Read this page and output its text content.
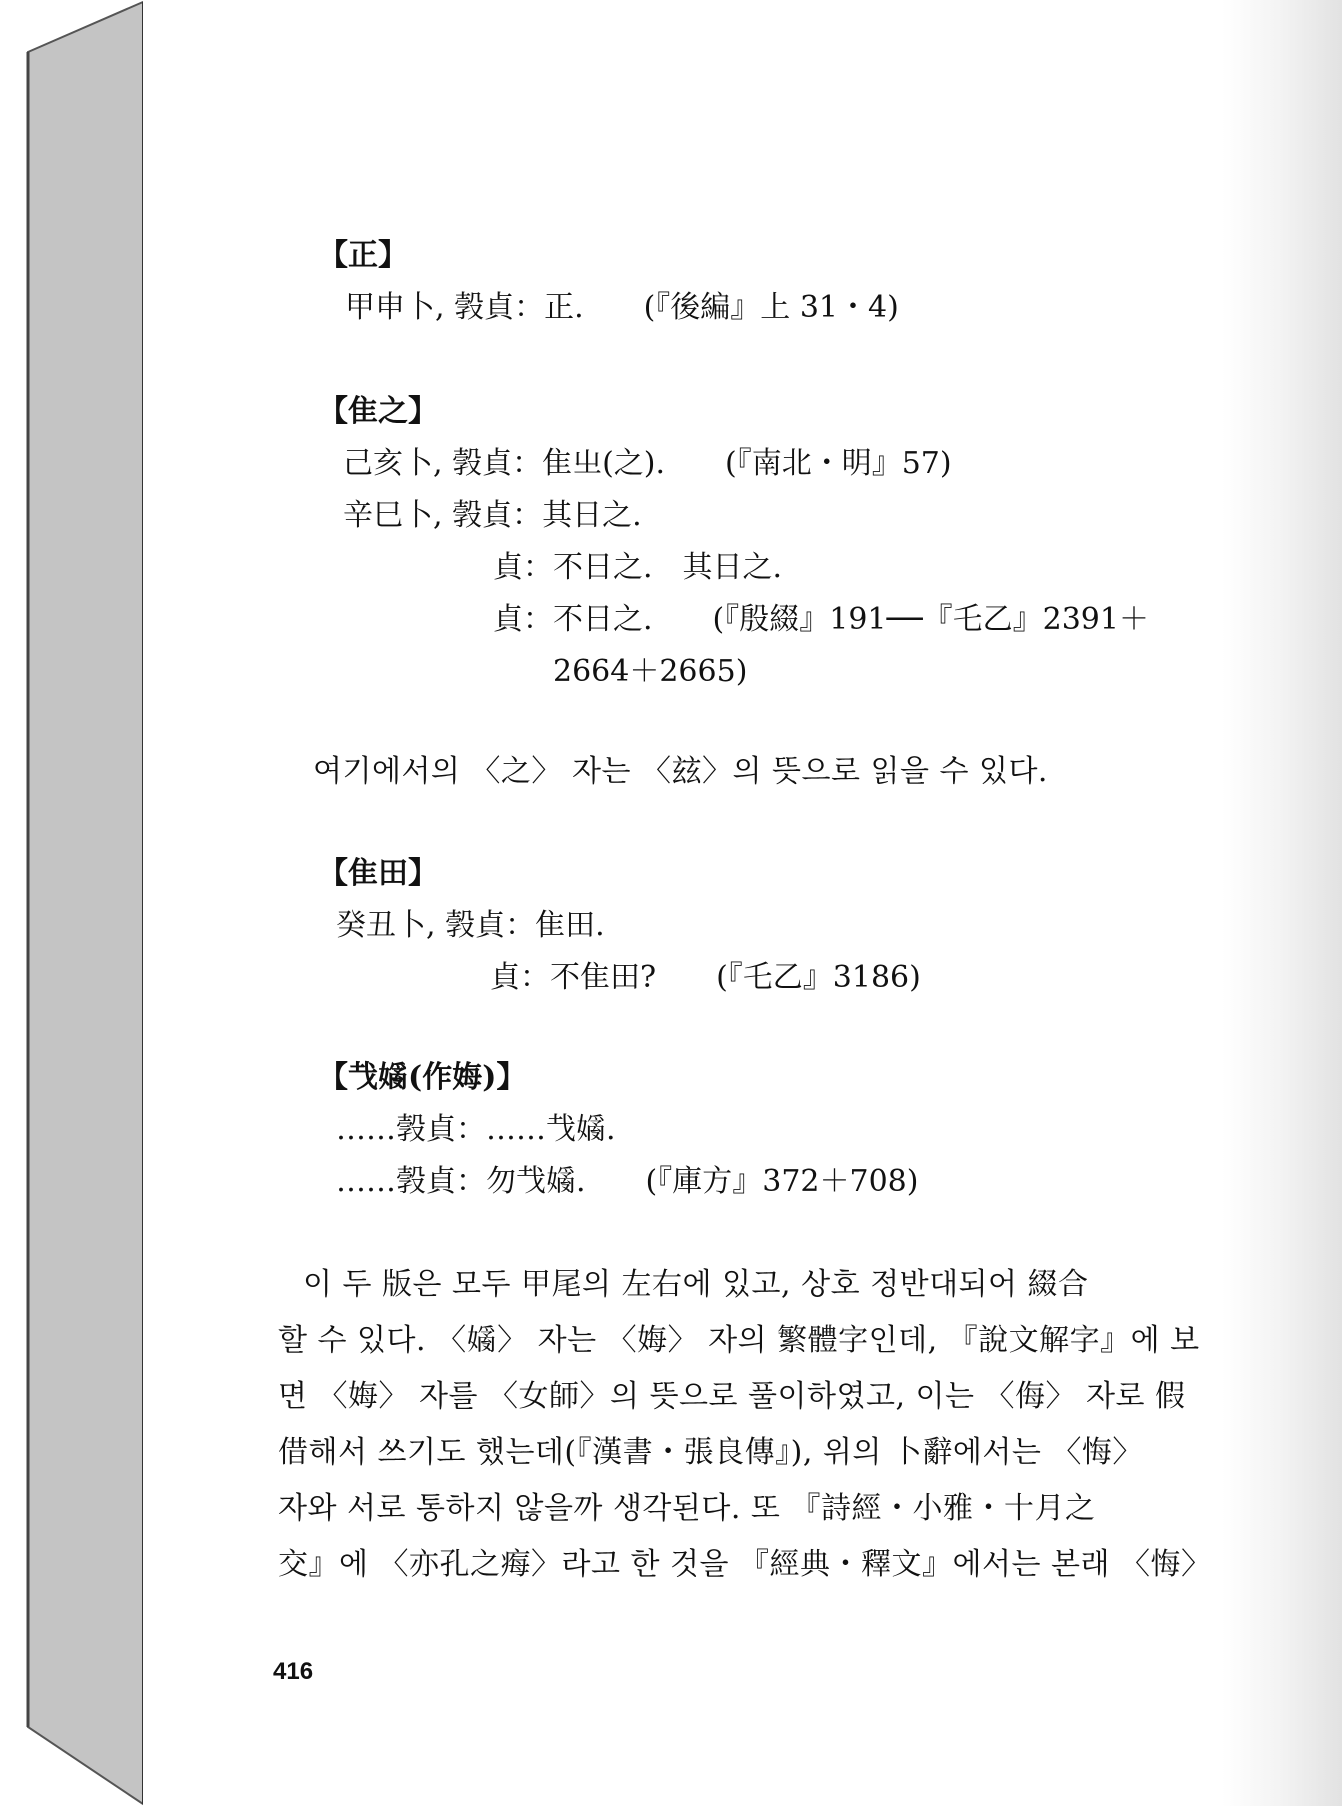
【正】
甲申卜, 㝅貞：正.　　(『後編』上 31・4)
【隹之】
己亥卜, 㝅貞：隹㞢(之).　　(『南北・明』57)
辛巳卜, 㝅貞：其日之.
貞：不日之.　其日之.
貞：不日之.　　(『殷綴』191──『乇乙』2391＋
2664＋2665)
여기에서의 〈之〉 자는 〈玆〉의 뜻으로 읽을 수 있다.
【隹田】
癸丑卜, 㝅貞：隹田.
貞：不隹田?　　(『乇乙』3186)
【𢦏𡡗(作娒)】
……㝅貞：……𢦏𡡗.
……㝅貞：勿𢦏𡡗.　　(『庫方』372＋708)
이 두 版은 모두 甲尾의 左右에 있고, 상호 정반대되어 綴合
할 수 있다. 〈𡡗〉 자는 〈娒〉 자의 繁體字인데, 『說文解字』에 보
면 〈娒〉 자를 〈女師〉의 뜻으로 풀이하였고, 이는 〈侮〉 자로 假
借해서 쓰기도 했는데(『漢書・張良傳』), 위의 卜辭에서는 〈悔〉
자와 서로 통하지 않을까 생각된다. 또 『詩經・小雅・十月之
交』에 〈亦孔之痗〉라고 한 것을 『經典・釋文』에서는 본래 〈悔〉
416
